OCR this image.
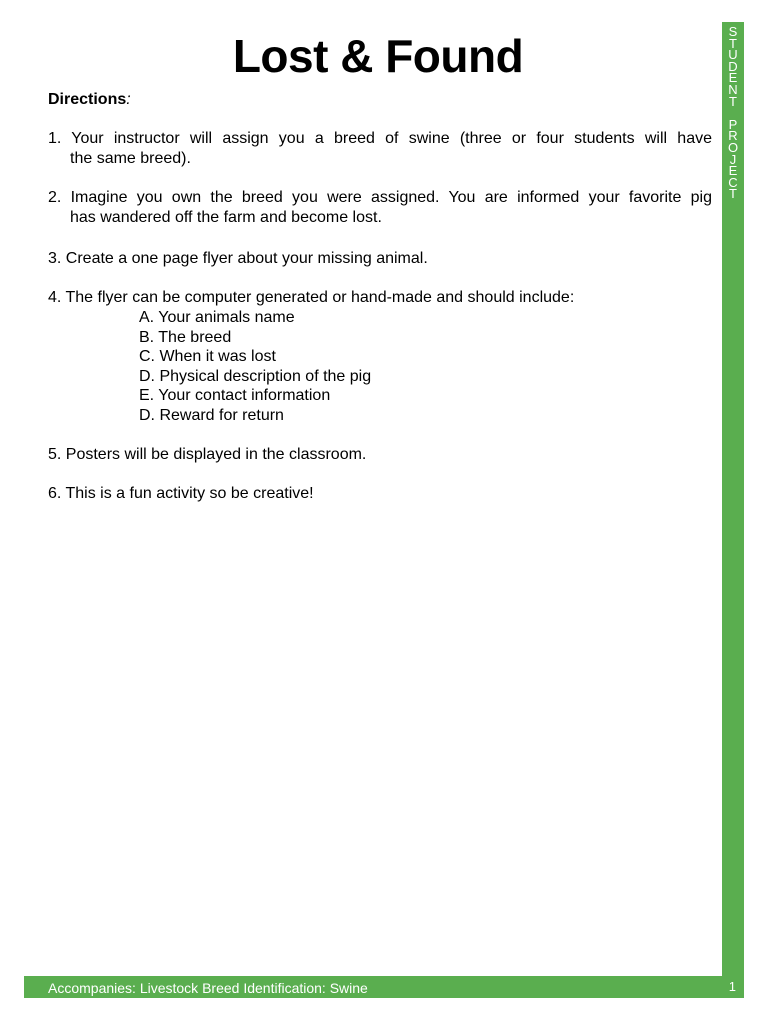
S
T
U
D
E
N
T
P
R
O
J
E
C
T
Accompanies: Livestock Breed Identification: Swine	1
Lost & Found

Directions:

1. Your instructor will assign you a breed of swine (three or four students will have
the same breed).
2. Imagine you own the breed you were assigned. You are informed your favorite pig
has wandered off the farm and become lost.
3. Create a one page flyer about your missing animal.
4. The flyer can be computer generated or hand-made and should include:
A. Your animals name
B. The breed
C. When it was lost
D. Physical description of the pig
E. Your contact information
D. Reward for return
5. Posters will be displayed in the classroom.
6. This is a fun activity so be creative!
